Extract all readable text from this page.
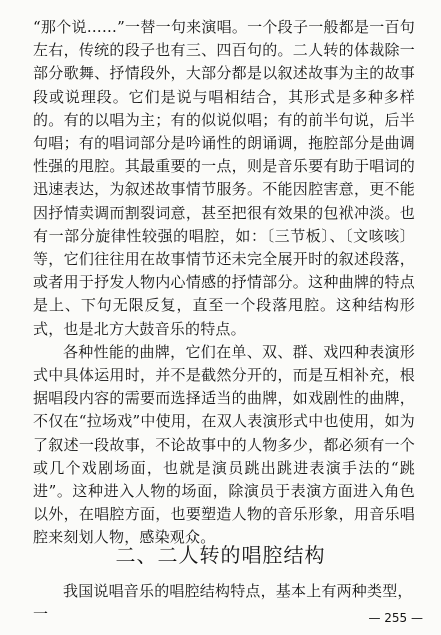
“那个说……”一替一句来演唱。一个段子一般都是一百句左右，传统的段子也有三、四百句的。二人转的体裁除一部分歌舞、抒情段外，大部分都是以叙述故事为主的故事段或说理段。它们是说与唱相结合，其形式是多种多样的。有的以唱为主；有的似说似唱；有的前半句说，后半句唱；有的唱词部分是吟诵性的朗诵调，拖腔部分是曲调性强的甩腔。其最重要的一点，则是音乐要有助于唱词的迅速表达，为叙述故事情节服务。不能因腔害意，更不能因抒情卖调而割裂词意，甚至把很有效果的包袱冲淡。也有一部分旋律性较强的唱腔，如：〔三节板〕、〔文咳咳〕等，它们往往用在故事情节还未完全展开时的叙述段落，或者用于抒发人物内心情感的抒情部分。这种曲牌的特点是上、下句无限反复，直至一个段落甩腔。这种结构形式，也是北方大鼓音乐的特点。

各种性能的曲牌，它们在单、双、群、戏四种表演形式中具体运用时，并不是截然分开的，而是互相补充，根据唱段内容的需要而选择适当的曲牌，如戏剧性的曲牌，不仅在“拉场戏”中使用，在双人表演形式中也使用，如为了叙述一段故事，不论故事中的人物多少，都必须有一个或几个戏剧场面，也就是演员跳出跳进表演手法的“跳进”。这种进入人物的场面，除演员于表演方面进入角色以外，在唱腔方面，也要塑造人物的音乐形象，用音乐唱腔来刻划人物，感染观众。

二、二人转的唱腔结构
我国说唱音乐的唱腔结构特点，基本上有两种类型，一	— 255 —
